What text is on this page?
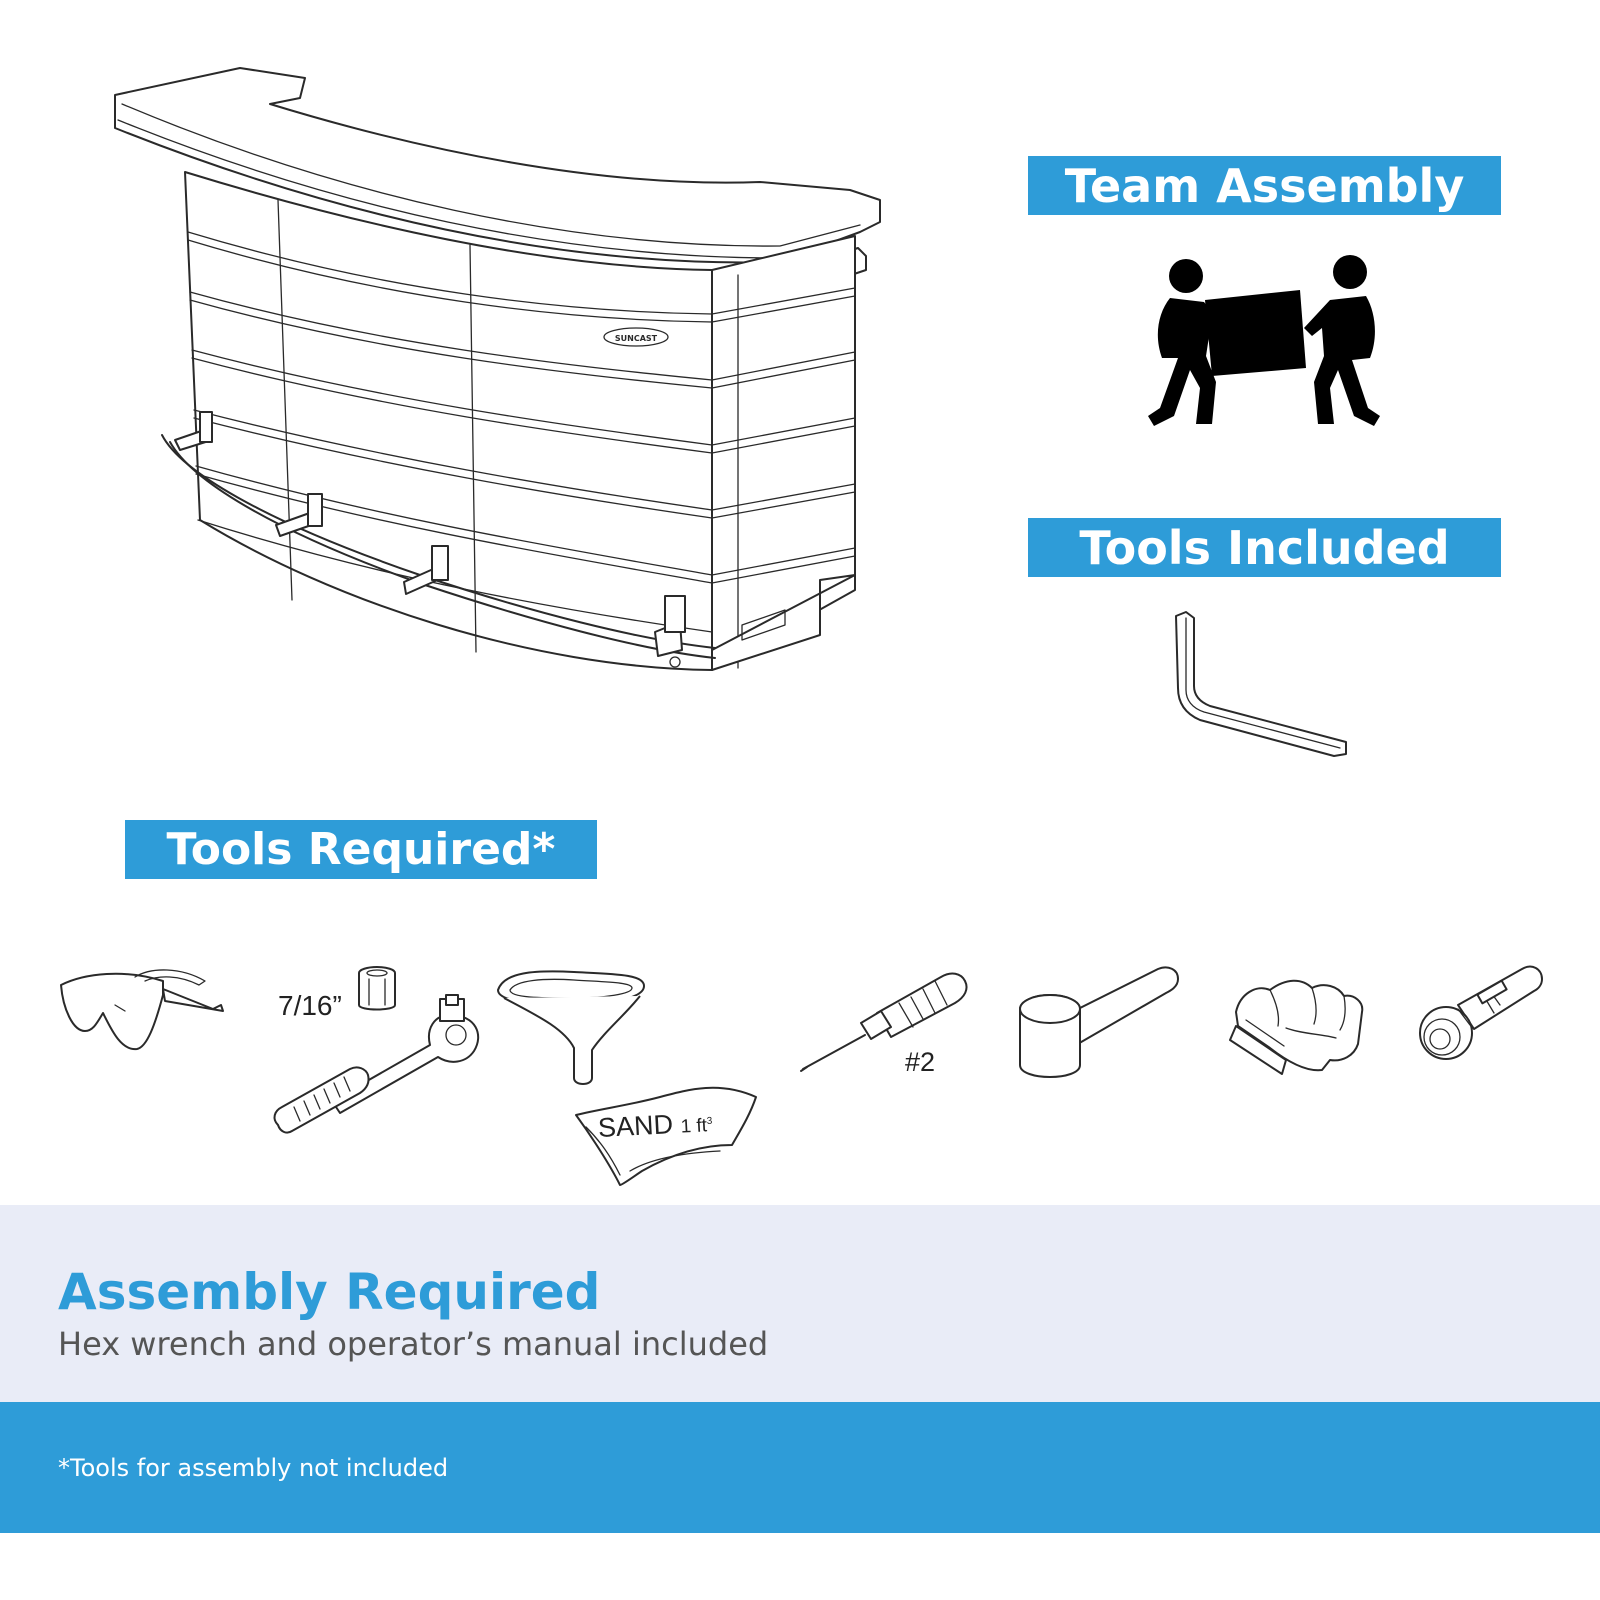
SUNCAST
Team Assembly
Tools Included
Tools Required*
7/16”
SAND 1 $ft^3$
#2
Assembly Required
Hex wrench and operator’s manual included
*Tools for assembly not included
